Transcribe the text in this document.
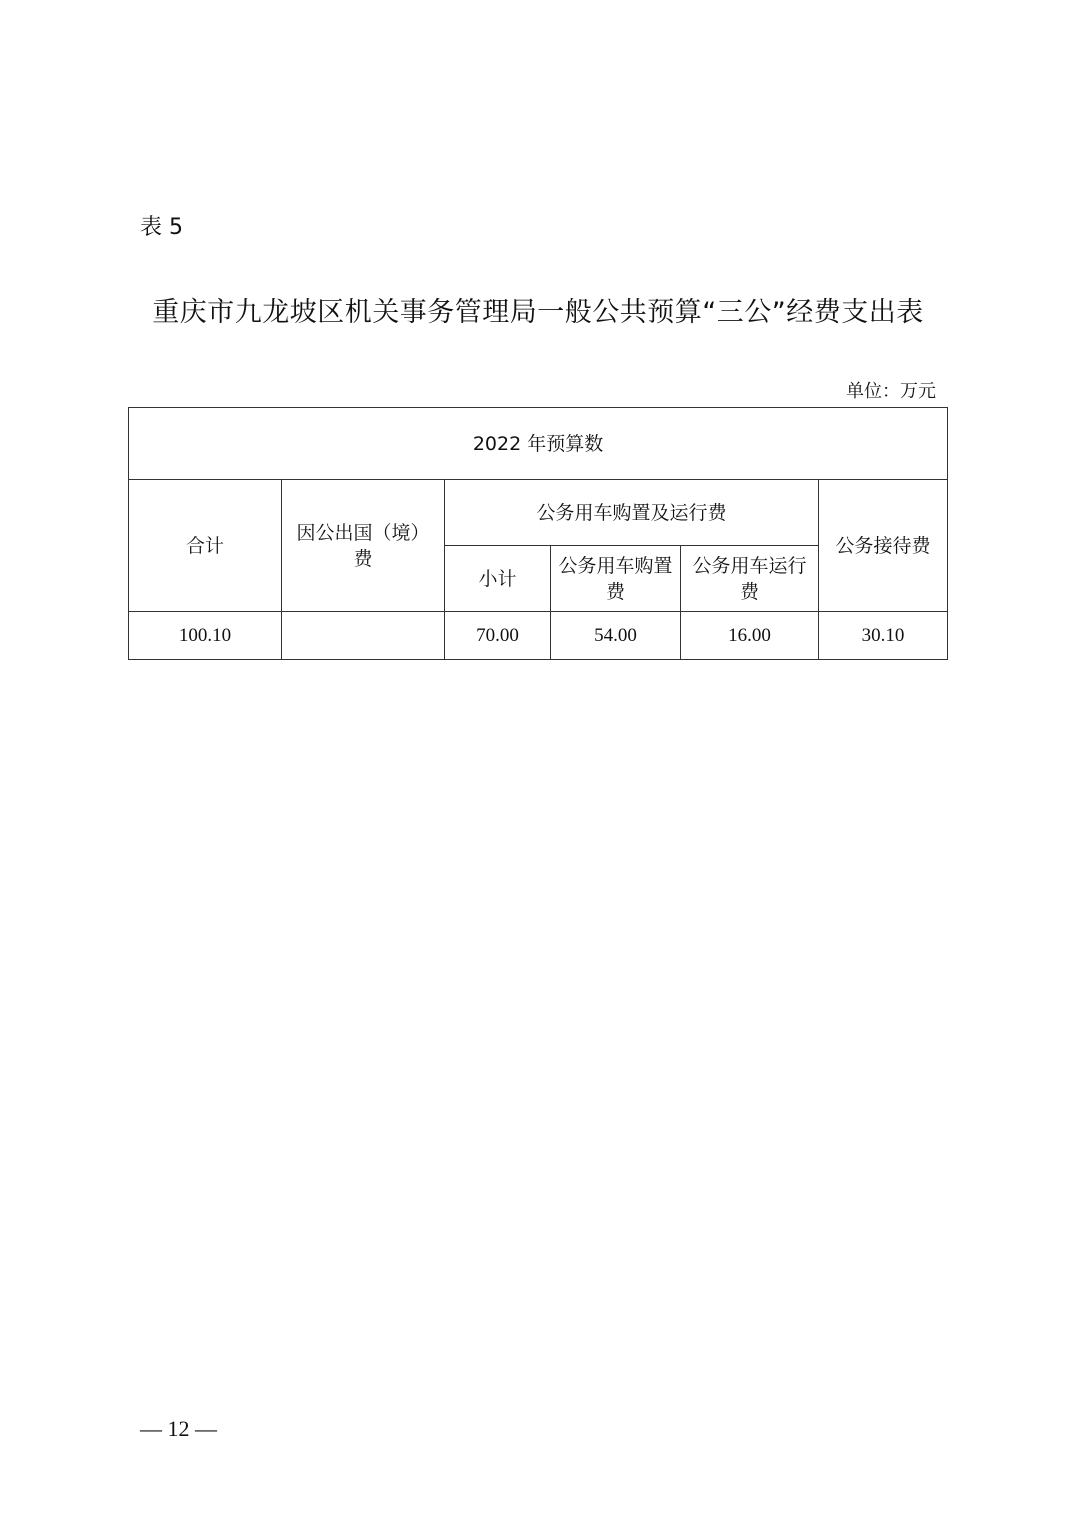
表 5
重庆市九龙坡区机关事务管理局一般公共预算“三公”经费支出表
单位：万元
2022 年预算数					
合计	因公出国（境）费	公务用车购置及运行费			公务接待费
		小计	公务用车购置费	公务用车运行费	
100.10		70.00	54.00	16.00	30.10
— 12 —
